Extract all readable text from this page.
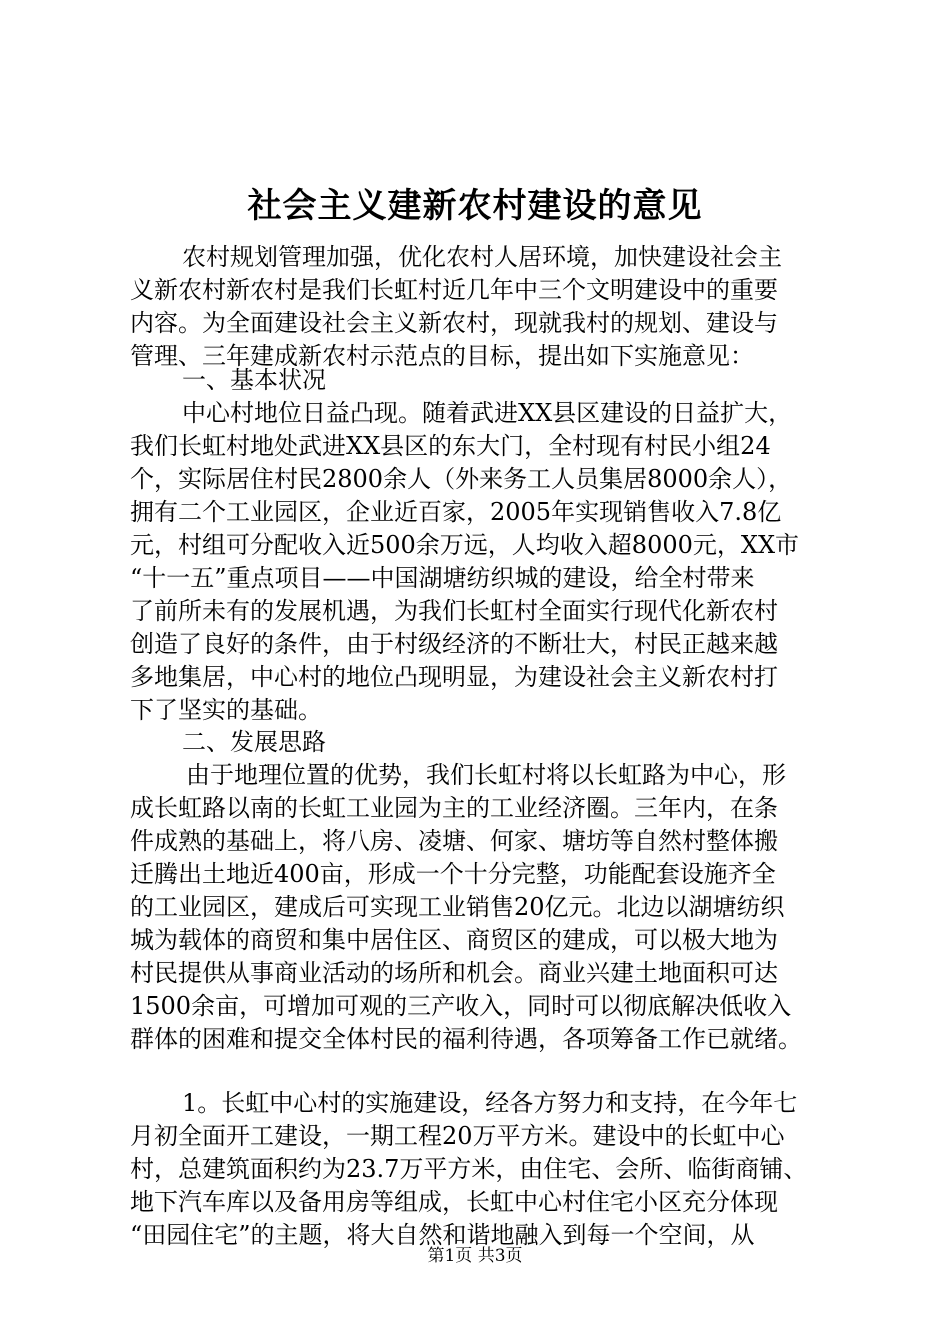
社会主义建新农村建设的意见
农村规划管理加强，优化农村人居环境，加快建设社会主
义新农村新农村是我们长虹村近几年中三个文明建设中的重要
内容。为全面建设社会主义新农村，现就我村的规划、建设与
管理、三年建成新农村示范点的目标，提出如下实施意见：
一、基本状况
中心村地位日益凸现。随着武进XX县区建设的日益扩大，
我们长虹村地处武进XX县区的东大门，全村现有村民小组24
个，实际居住村民2800余人（外来务工人员集居8000余人），
拥有二个工业园区，企业近百家，2005年实现销售收入7.8亿
元，村组可分配收入近500余万远，人均收入超8000元，XX市
“十一五”重点项目——中国湖塘纺织城的建设，给全村带来
了前所未有的发展机遇，为我们长虹村全面实行现代化新农村
创造了良好的条件，由于村级经济的不断壮大，村民正越来越
多地集居，中心村的地位凸现明显，为建设社会主义新农村打
下了坚实的基础。
二、发展思路
由于地理位置的优势，我们长虹村将以长虹路为中心，形
成长虹路以南的长虹工业园为主的工业经济圈。三年内，在条
件成熟的基础上，将八房、凌塘、何家、塘坊等自然村整体搬
迁腾出土地近400亩，形成一个十分完整，功能配套设施齐全
的工业园区，建成后可实现工业销售20亿元。北边以湖塘纺织
城为载体的商贸和集中居住区、商贸区的建成，可以极大地为
村民提供从事商业活动的场所和机会。商业兴建土地面积可达
1500余亩，可增加可观的三产收入，同时可以彻底解决低收入
群体的困难和提交全体村民的福利待遇，各项筹备工作已就绪。
1。长虹中心村的实施建设，经各方努力和支持，在今年七
月初全面开工建设，一期工程20万平方米。建设中的长虹中心
村，总建筑面积约为23.7万平方米，由住宅、会所、临街商铺、
地下汽车库以及备用房等组成，长虹中心村住宅小区充分体现
“田园住宅”的主题，将大自然和谐地融入到每一个空间，从
第1页 共3页
